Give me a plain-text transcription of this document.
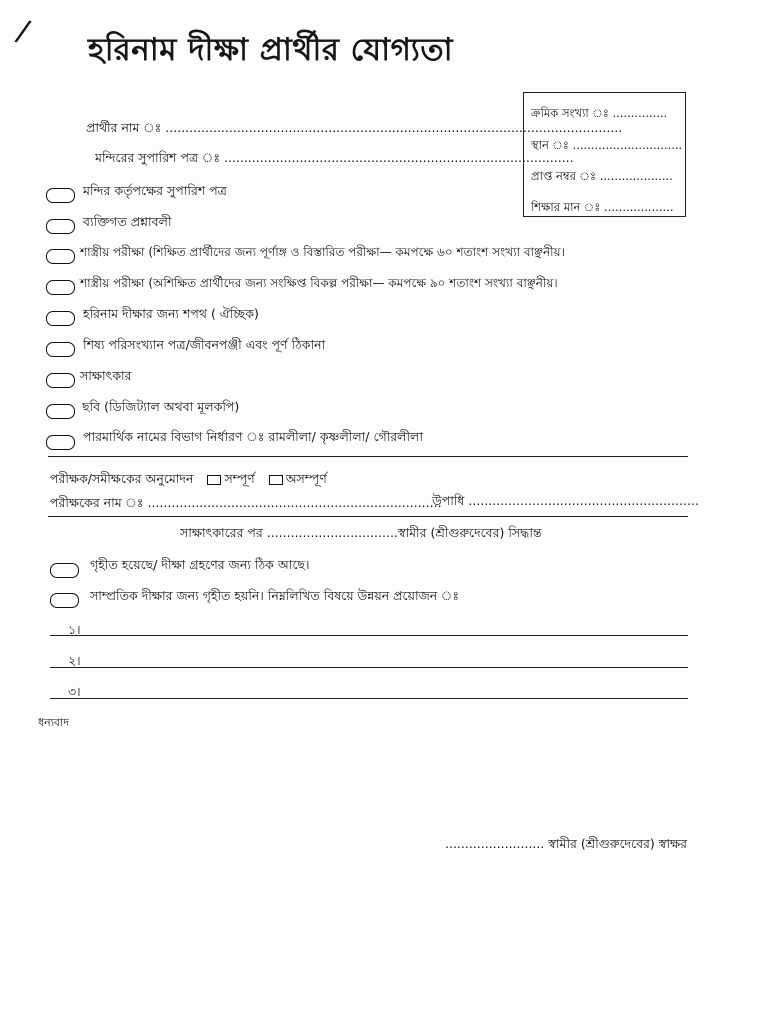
/
হরিনাম দীক্ষা প্রার্থীর যোগ্যতা
ক্রমিক সংখ্যা ঃ ...............
স্থান ঃ ..............................
প্রাপ্ত নম্বর ঃ ....................
শিক্ষার মান ঃ ...................
প্রার্থীর নাম ঃ ...................................................................................................................
মন্দিরের সুপারিশ পত্র ঃ ........................................................................................
মন্দির কর্তৃপক্ষের সুপারিশ পত্র
ব্যক্তিগত প্রশ্নাবলী
শাস্ত্রীয় পরীক্ষা (শিক্ষিত প্রার্থীদের জন্য পূর্ণাঙ্গ ও বিস্তারিত পরীক্ষা— কমপক্ষে ৬০ শতাংশ সংখ্যা বাঞ্ছনীয়।
শাস্ত্রীয় পরীক্ষা (অশিক্ষিত প্রার্থীদের জন্য সংক্ষিপ্ত বিকল্প পরীক্ষা— কমপক্ষে ৯০ শতাংশ সংখ্যা বাঞ্ছনীয়।
হরিনাম দীক্ষার জন্য শপথ ( ঐচ্ছিক)
শিষ্য পরিসংখ্যান পত্র/জীবনপঞ্জী এবং পূর্ণ ঠিকানা
সাক্ষাৎকার
ছবি (ডিজিট্যাল অথবা মূলকপি)
পারমার্থিক নামের বিভাগ নির্ধারণ ঃ রামলীলা/ কৃষ্ণলীলা/ গৌরলীলা
পরীক্ষক/সমীক্ষকের অনুমোদন সম্পূর্ণ অসম্পূর্ণ
পরীক্ষকের নাম ঃ ..........................................................................
উপাধি ..........................................................
সাক্ষাৎকারের পর .................................স্বামীর (শ্রীগুরুদেবের) সিদ্ধান্ত
গৃহীত হয়েছে/ দীক্ষা গ্রহণের জন্য ঠিক আছে।
সাম্প্রতিক দীক্ষার জন্য গৃহীত হয়নি। নিম্নলিখিত বিষয়ে উন্নয়ন প্রয়োজন ঃ
১।
২।
৩।
ধন্যবাদ
......................... স্বামীর (শ্রীগুরুদেবের) স্বাক্ষর
